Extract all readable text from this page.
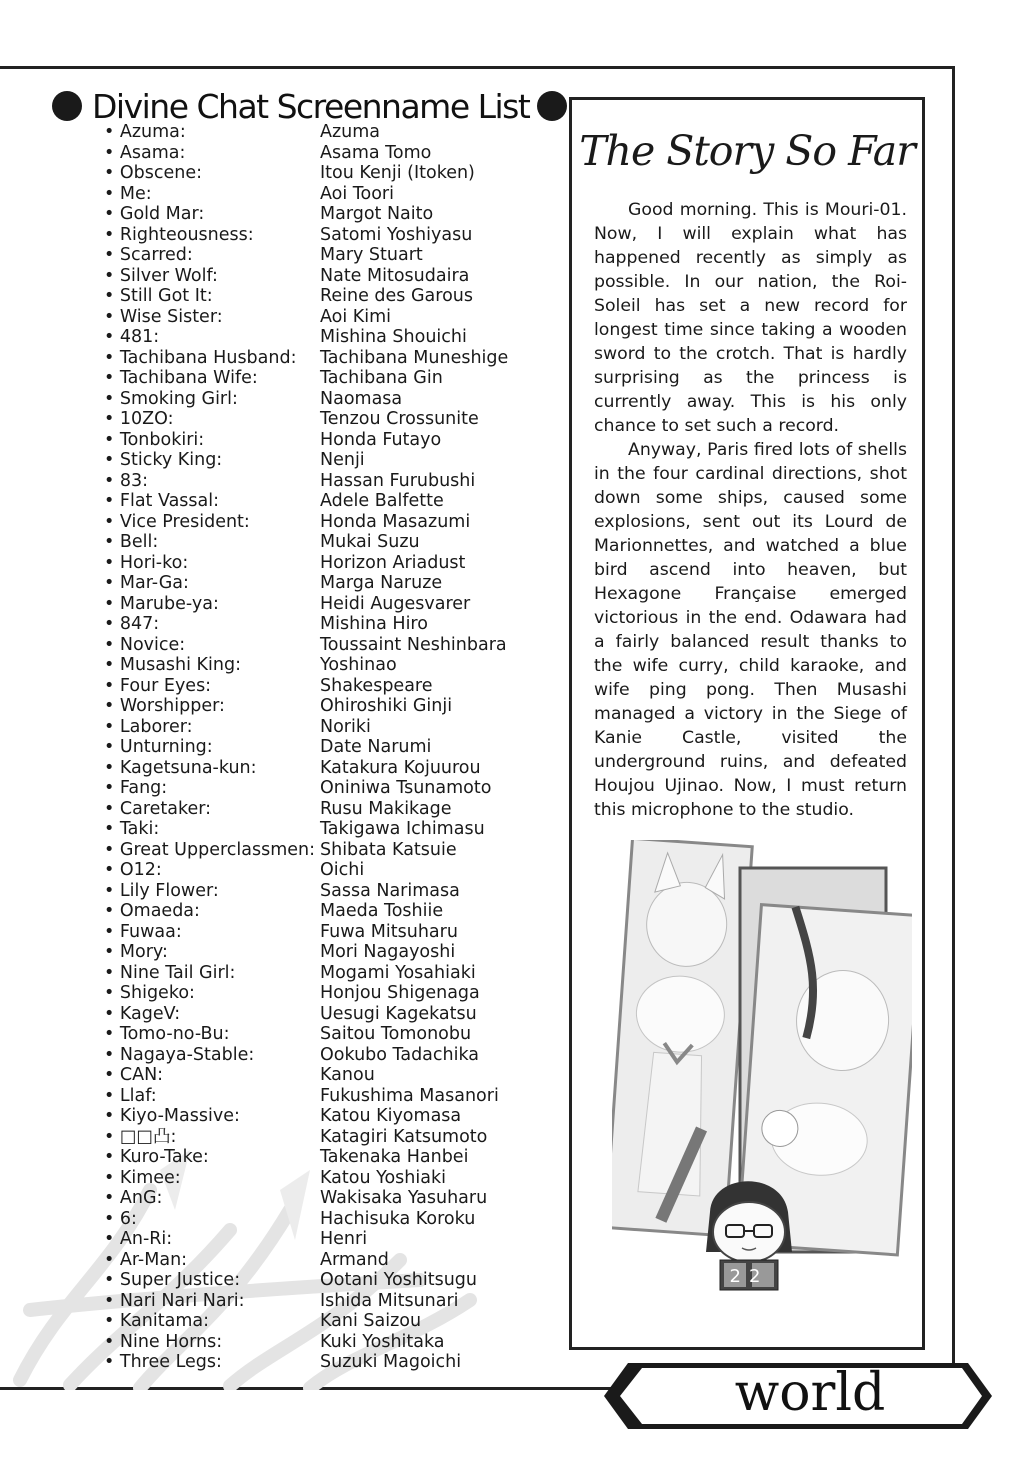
Divine Chat Screenname List
• Azuma:	Azuma
• Asama:	Asama Tomo
• Obscene:	Itou Kenji (Itoken)
• Me:	Aoi Toori
• Gold Mar:	Margot Naito
• Righteousness:	Satomi Yoshiyasu
• Scarred:	Mary Stuart
• Silver Wolf:	Nate Mitosudaira
• Still Got It:	Reine des Garous
• Wise Sister:	Aoi Kimi
• 481:	Mishina Shouichi
• Tachibana Husband:	Tachibana Muneshige
• Tachibana Wife:	Tachibana Gin
• Smoking Girl:	Naomasa
• 10ZO:	Tenzou Crossunite
• Tonbokiri:	Honda Futayo
• Sticky King:	Nenji
• 83:	Hassan Furubushi
• Flat Vassal:	Adele Balfette
• Vice President:	Honda Masazumi
• Bell:	Mukai Suzu
• Hori-ko:	Horizon Ariadust
• Mar-Ga:	Marga Naruze
• Marube-ya:	Heidi Augesvarer
• 847:	Mishina Hiro
• Novice:	Toussaint Neshinbara
• Musashi King:	Yoshinao
• Four Eyes:	Shakespeare
• Worshipper:	Ohiroshiki Ginji
• Laborer:	Noriki
• Unturning:	Date Narumi
• Kagetsuna-kun:	Katakura Kojuurou
• Fang:	Oniniwa Tsunamoto
• Caretaker:	Rusu Makikage
• Taki:	Takigawa Ichimasu
• Great Upperclassmen: Shibata Katsuie
• O12:	Oichi
• Lily Flower:	Sassa Narimasa
• Omaeda:	Maeda Toshiie
• Fuwaa:	Fuwa Mitsuharu
• Mory:	Mori Nagayoshi
• Nine Tail Girl:	Mogami Yosahiaki
• Shigeko:	Honjou Shigenaga
• KageV:	Uesugi Kagekatsu
• Tomo-no-Bu:	Saitou Tomonobu
• Nagaya-Stable:	Ookubo Tadachika
• CAN:	Kanou
• Llaf:	Fukushima Masanori
• Kiyo-Massive:	Katou Kiyomasa
• □□凸:	Katagiri Katsumoto
• Kuro-Take:	Takenaka Hanbei
• Kimee:	Katou Yoshiaki
• AnG:	Wakisaka Yasuharu
• 6:	Hachisuka Koroku
• An-Ri:	Henri
• Ar-Man:	Armand
• Super Justice:	Ootani Yoshitsugu
• Nari Nari Nari:	Ishida Mitsunari
• Kanitama:	Kani Saizou
• Nine Horns:	Kuki Yoshitaka
• Three Legs:	Suzuki Magoichi
The Story So Far

Good morning. This is Mouri-01. Now, I will explain what has happened recently as simply as possible. In our nation, the Roi-Soleil has set a new record for longest time since taking a wooden sword to the crotch. That is hardly surprising as the princess is currently away. This is his only chance to set such a record.

Anyway, Paris fired lots of shells in the four cardinal directions, shot down some ships, caused some explosions, sent out its Lourd de Marionnettes, and watched a blue bird ascend into heaven, but Hexagone Française emerged victorious in the end. Odawara had a fairly balanced result thanks to the wife curry, child karaoke, and wife ping pong. Then Musashi managed a victory in the Siege of Kanie Castle, visited the underground ruins, and defeated Houjou Ujinao. Now, I must return this microphone to the studio.

22
world
